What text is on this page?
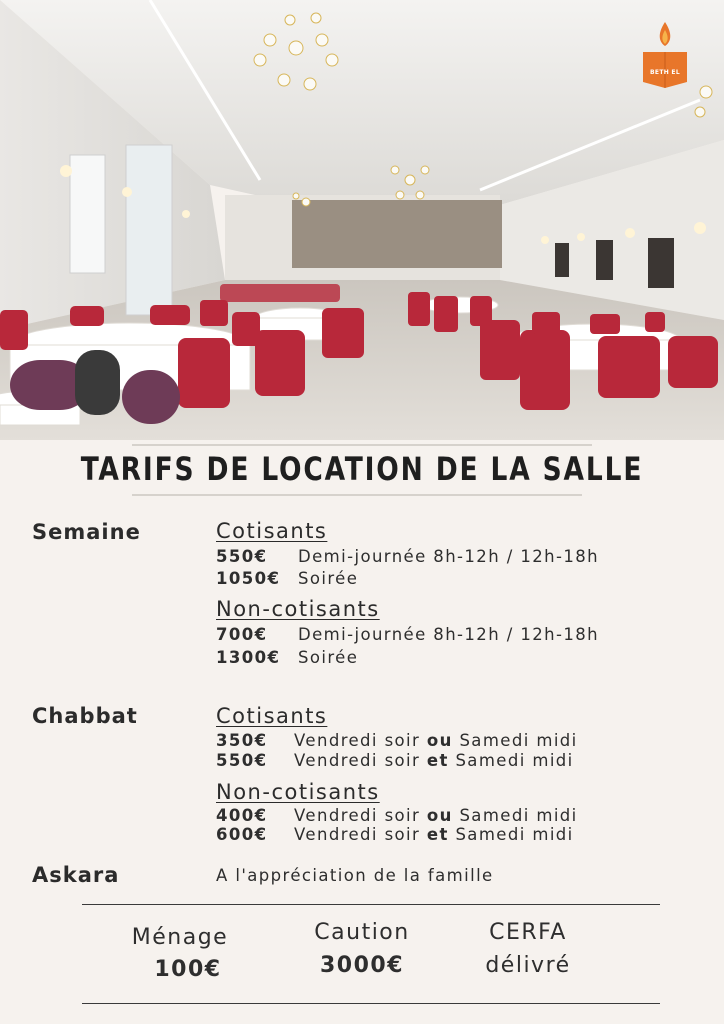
BETH EL
TARIFS DE LOCATION DE LA SALLE
Semaine	Cotisants
550€ Demi-journée 8h-12h / 12h-18h
1050€ Soirée
Non-cotisants
700€ Demi-journée 8h-12h / 12h-18h
1300€ Soirée
Chabbat	Cotisants
350€ Vendredi soir ou Samedi midi
550€ Vendredi soir et Samedi midi
Non-cotisants
400€ Vendredi soir ou Samedi midi
600€ Vendredi soir et Samedi midi
Askara	A l'appréciation de la famille
Ménage
100€
Caution
3000€
CERFA
délivré
